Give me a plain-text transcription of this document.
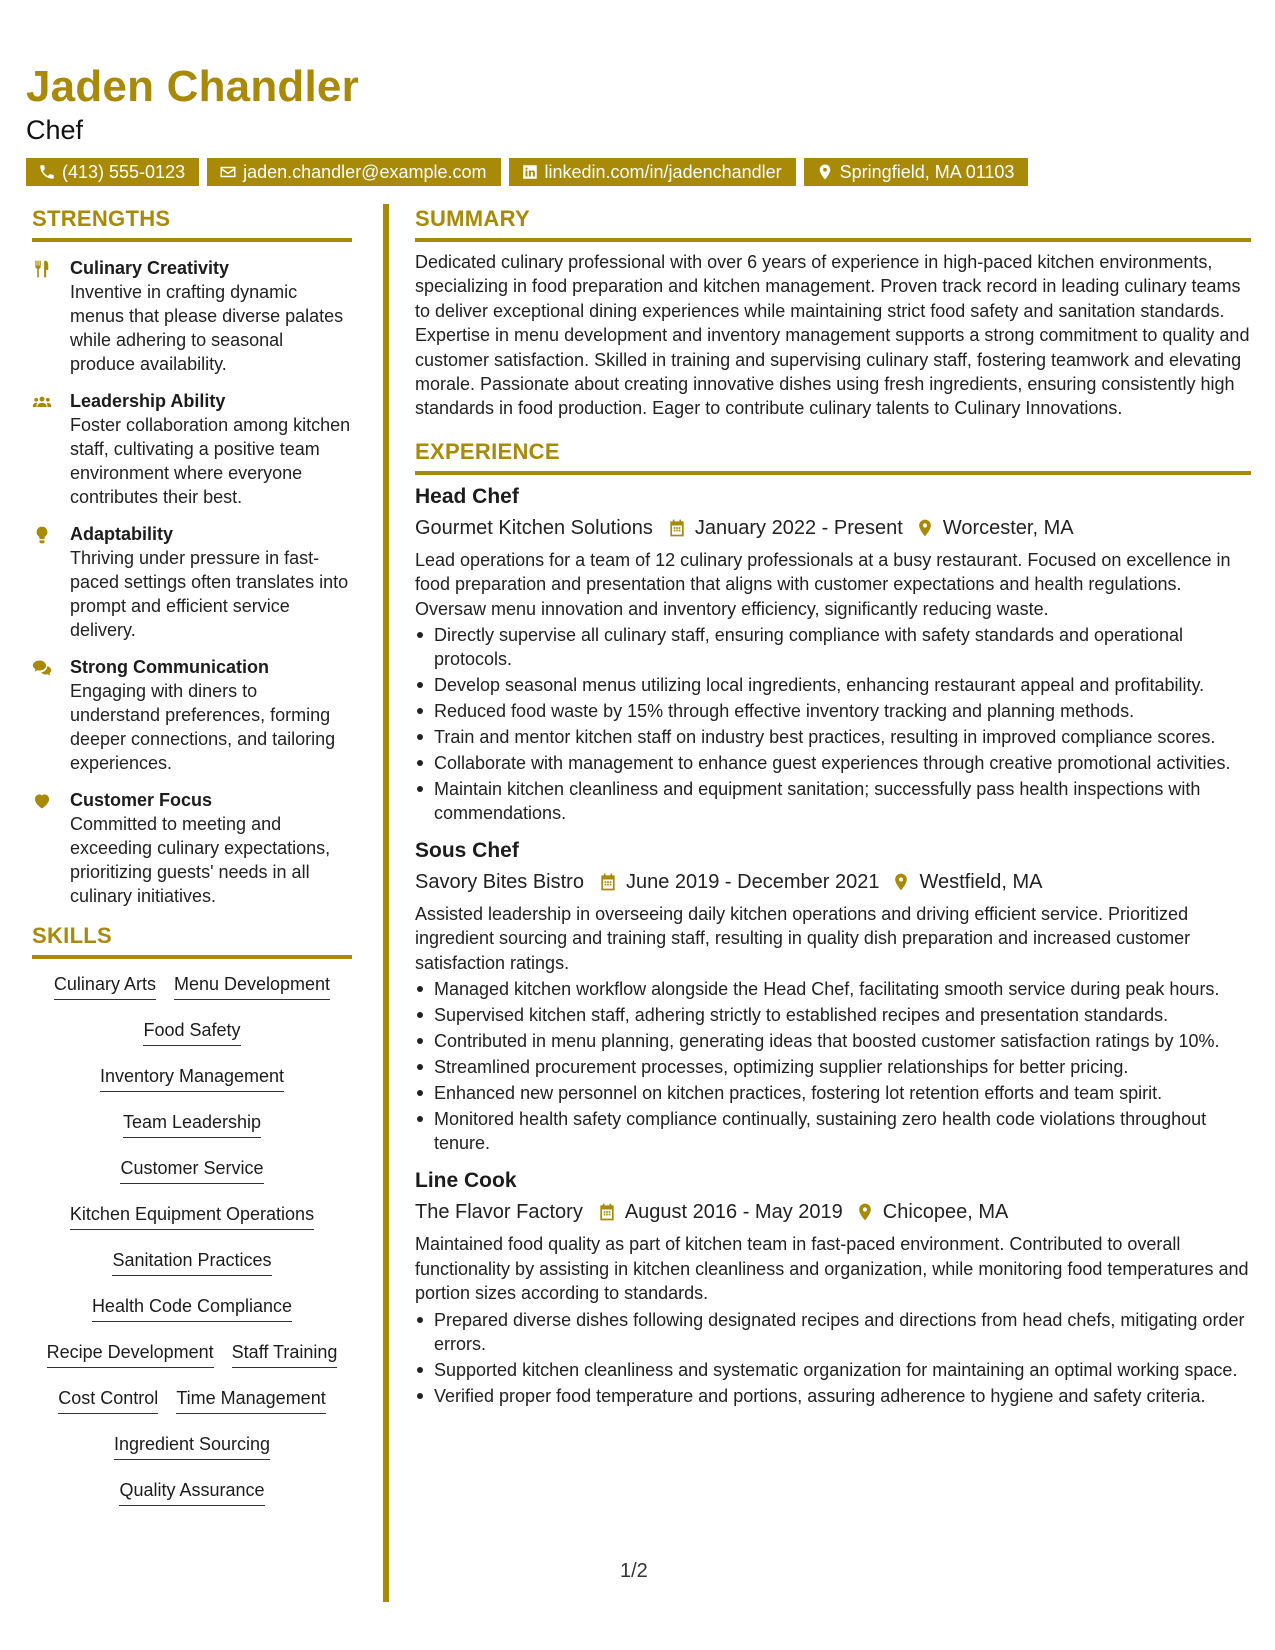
Jaden Chandler
Chef
(413) 555-0123	jaden.chandler@example.com	linkedin.com/in/jadenchandler	Springfield, MA 01103
STRENGTHS
Culinary Creativity
Inventive in crafting dynamic menus that please diverse palates while adhering to seasonal produce availability.
Leadership Ability
Foster collaboration among kitchen staff, cultivating a positive team environment where everyone contributes their best.
Adaptability
Thriving under pressure in fast-paced settings often translates into prompt and efficient service delivery.
Strong Communication
Engaging with diners to understand preferences, forming deeper connections, and tailoring experiences.
Customer Focus
Committed to meeting and exceeding culinary expectations, prioritizing guests' needs in all culinary initiatives.
SKILLS
Culinary Arts Menu Development
Food Safety
Inventory Management
Team Leadership
Customer Service
Kitchen Equipment Operations
Sanitation Practices
Health Code Compliance
Recipe Development Staff Training
Cost Control Time Management
Ingredient Sourcing
Quality Assurance
SUMMARY

Dedicated culinary professional with over 6 years of experience in high-paced kitchen environments, specializing in food preparation and kitchen management. Proven track record in leading culinary teams to deliver exceptional dining experiences while maintaining strict food safety and sanitation standards. Expertise in menu development and inventory management supports a strong commitment to quality and customer satisfaction. Skilled in training and supervising culinary staff, fostering teamwork and elevating morale. Passionate about creating innovative dishes using fresh ingredients, ensuring consistently high standards in food production. Eager to contribute culinary talents to Culinary Innovations.

EXPERIENCE
Head Chef
Gourmet Kitchen Solutions January 2022 - Present Worcester, MA

Lead operations for a team of 12 culinary professionals at a busy restaurant. Focused on excellence in food preparation and presentation that aligns with customer expectations and health regulations. Oversaw menu innovation and inventory efficiency, significantly reducing waste.

Directly supervise all culinary staff, ensuring compliance with safety standards and operational protocols.
Develop seasonal menus utilizing local ingredients, enhancing restaurant appeal and profitability.
Reduced food waste by 15% through effective inventory tracking and planning methods.
Train and mentor kitchen staff on industry best practices, resulting in improved compliance scores.
Collaborate with management to enhance guest experiences through creative promotional activities.
Maintain kitchen cleanliness and equipment sanitation; successfully pass health inspections with commendations.
Sous Chef
Savory Bites Bistro June 2019 - December 2021 Westfield, MA

Assisted leadership in overseeing daily kitchen operations and driving efficient service. Prioritized ingredient sourcing and training staff, resulting in quality dish preparation and increased customer satisfaction ratings.

Managed kitchen workflow alongside the Head Chef, facilitating smooth service during peak hours.
Supervised kitchen staff, adhering strictly to established recipes and presentation standards.
Contributed in menu planning, generating ideas that boosted customer satisfaction ratings by 10%.
Streamlined procurement processes, optimizing supplier relationships for better pricing.
Enhanced new personnel on kitchen practices, fostering lot retention efforts and team spirit.
Monitored health safety compliance continually, sustaining zero health code violations throughout tenure.
Line Cook
The Flavor Factory August 2016 - May 2019 Chicopee, MA

Maintained food quality as part of kitchen team in fast-paced environment. Contributed to overall functionality by assisting in kitchen cleanliness and organization, while monitoring food temperatures and portion sizes according to standards.

Prepared diverse dishes following designated recipes and directions from head chefs, mitigating order errors.
Supported kitchen cleanliness and systematic organization for maintaining an optimal working space.
Verified proper food temperature and portions, assuring adherence to hygiene and safety criteria.
1/2
